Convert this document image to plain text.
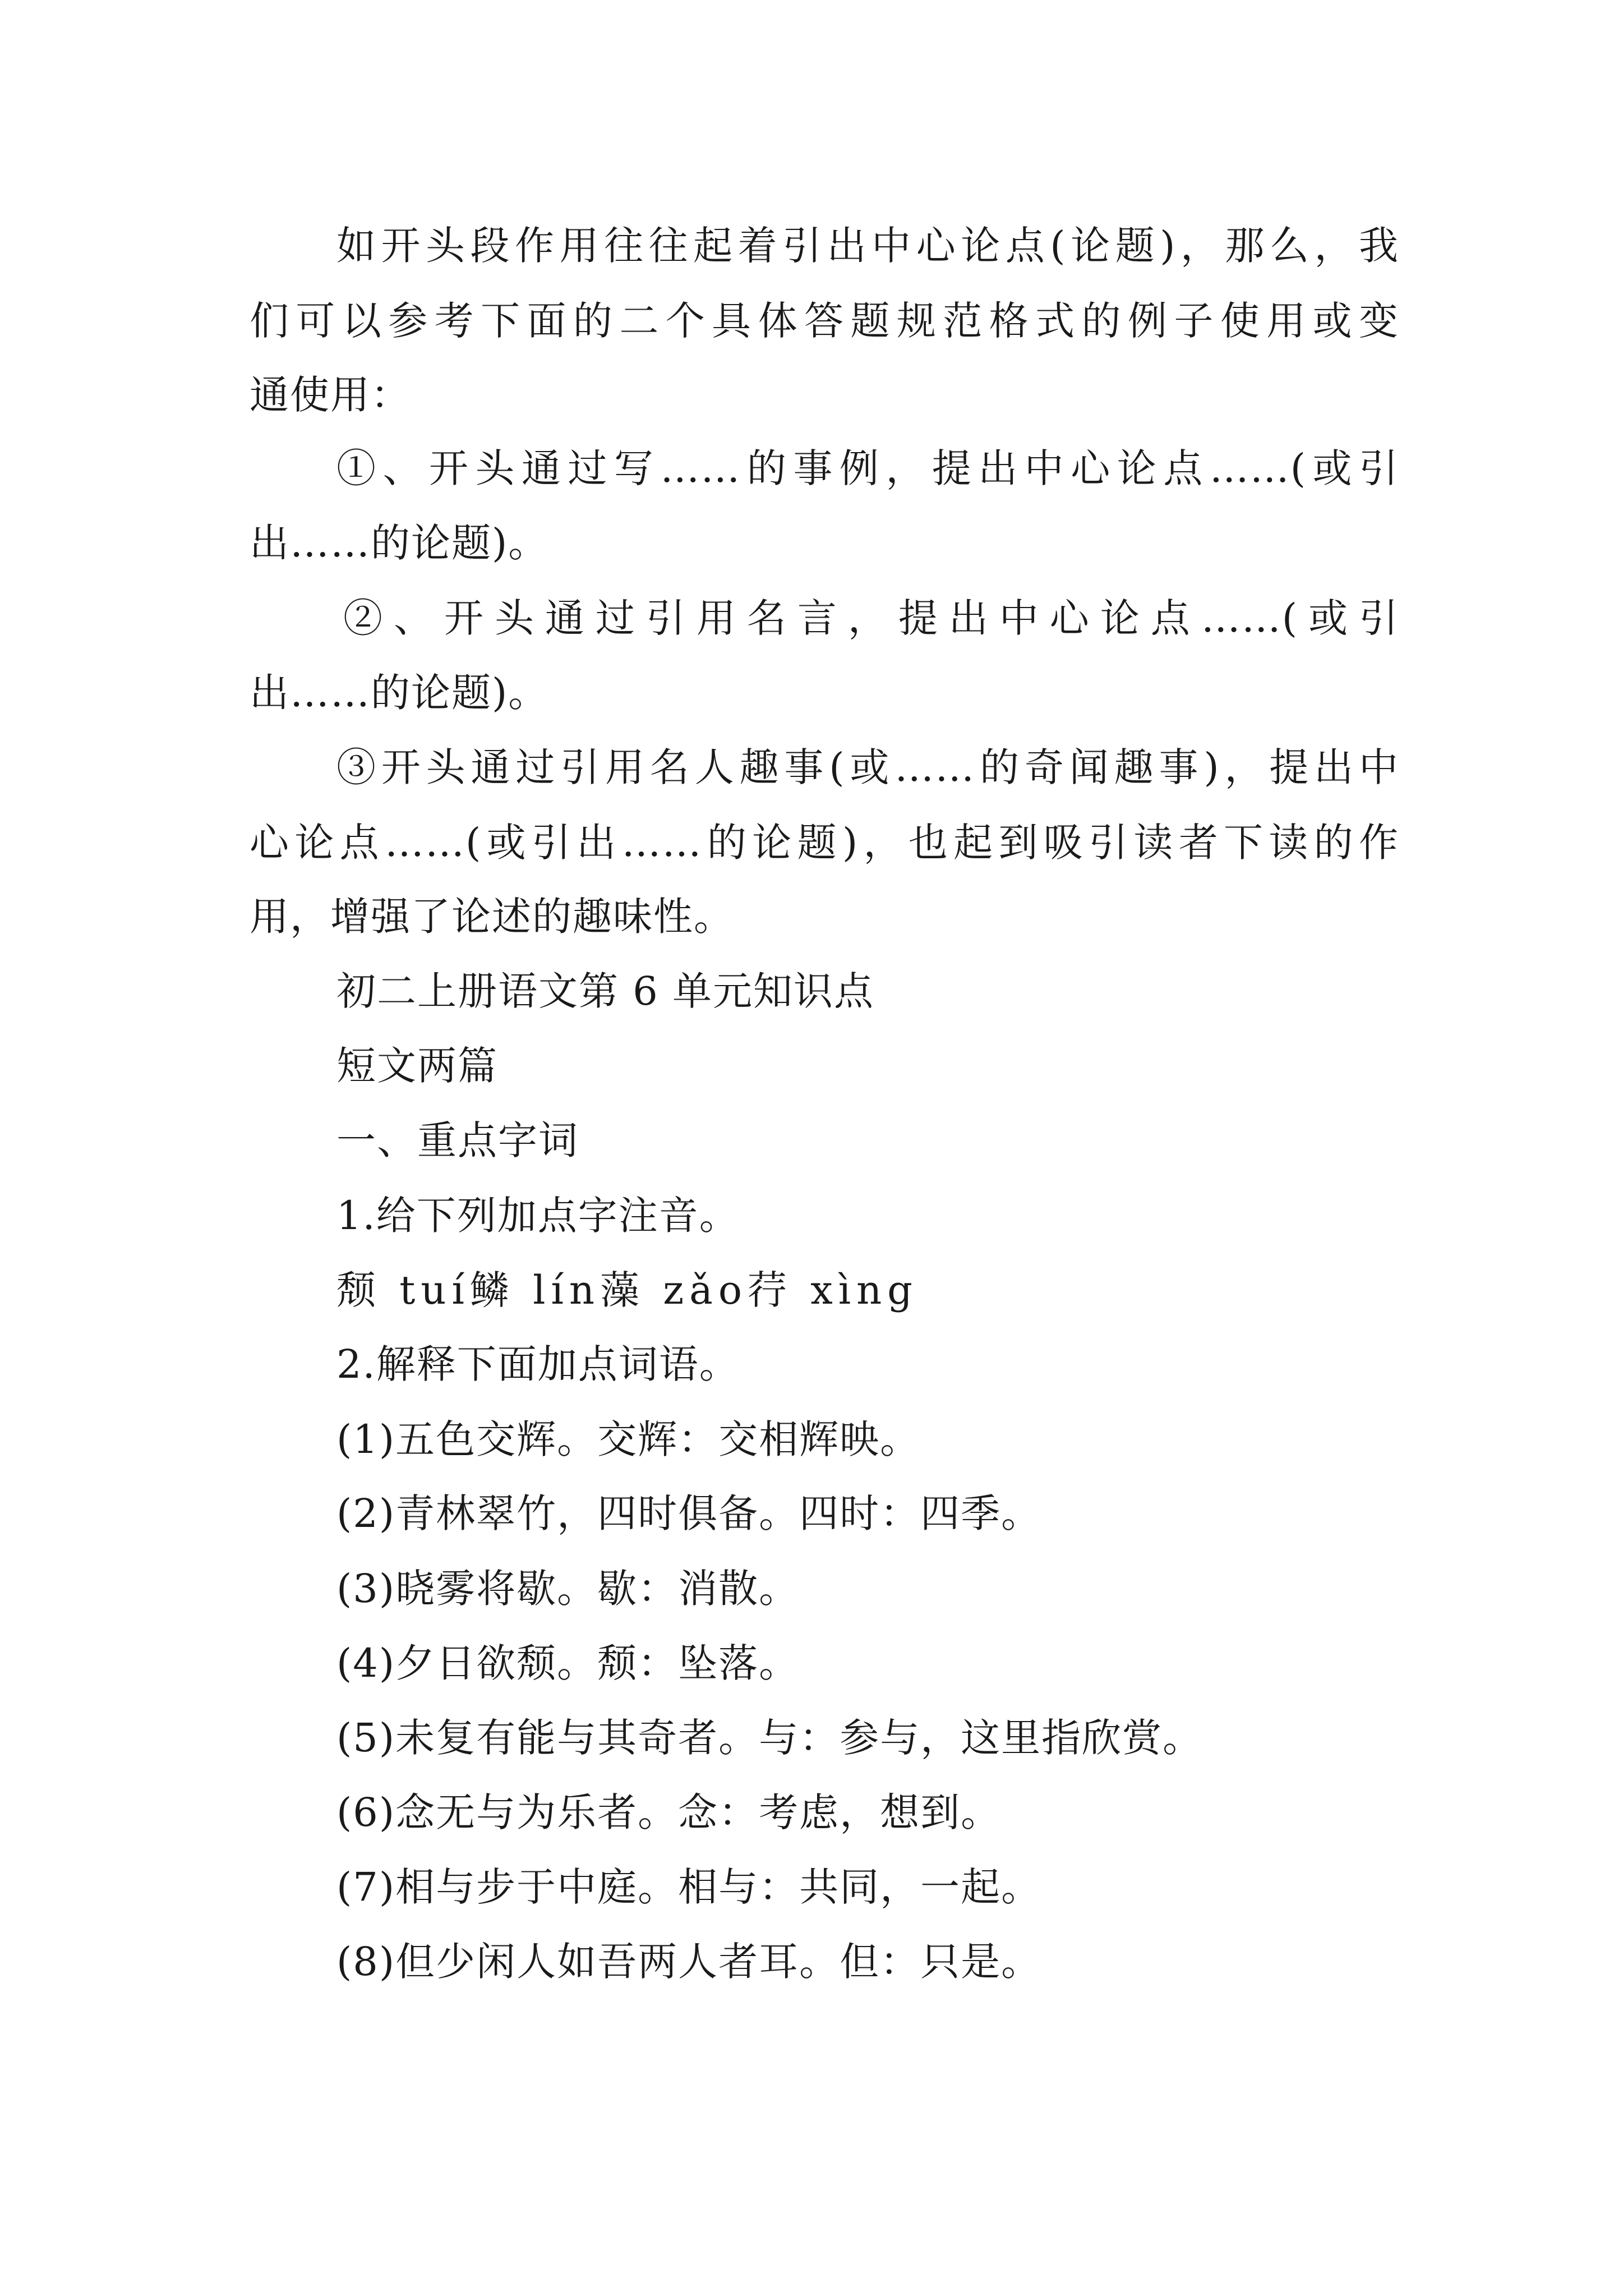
如开头段作用往往起着引出中心论点(论题)，那么，我
们可以参考下面的二个具体答题规范格式的例子使用或变
通使用：
①、开头通过写……的事例，提出中心论点……(或引
出……的论题)。
②、开头通过引用名言，提出中心论点……(或引
出……的论题)。
③开头通过引用名人趣事(或……的奇闻趣事)，提出中
心论点……(或引出……的论题)，也起到吸引读者下读的作
用，增强了论述的趣味性。
初二上册语文第 6 单元知识点
短文两篇
一、重点字词
1.给下列加点字注音。
颓 tuí鳞 lín藻 zǎo荇 xìng
2.解释下面加点词语。
(1)五色交辉。交辉：交相辉映。
(2)青林翠竹，四时俱备。四时：四季。
(3)晓雾将歇。歇：消散。
(4)夕日欲颓。颓：坠落。
(5)未复有能与其奇者。与：参与，这里指欣赏。
(6)念无与为乐者。念：考虑，想到。
(7)相与步于中庭。相与：共同，一起。
(8)但少闲人如吾两人者耳。但：只是。
